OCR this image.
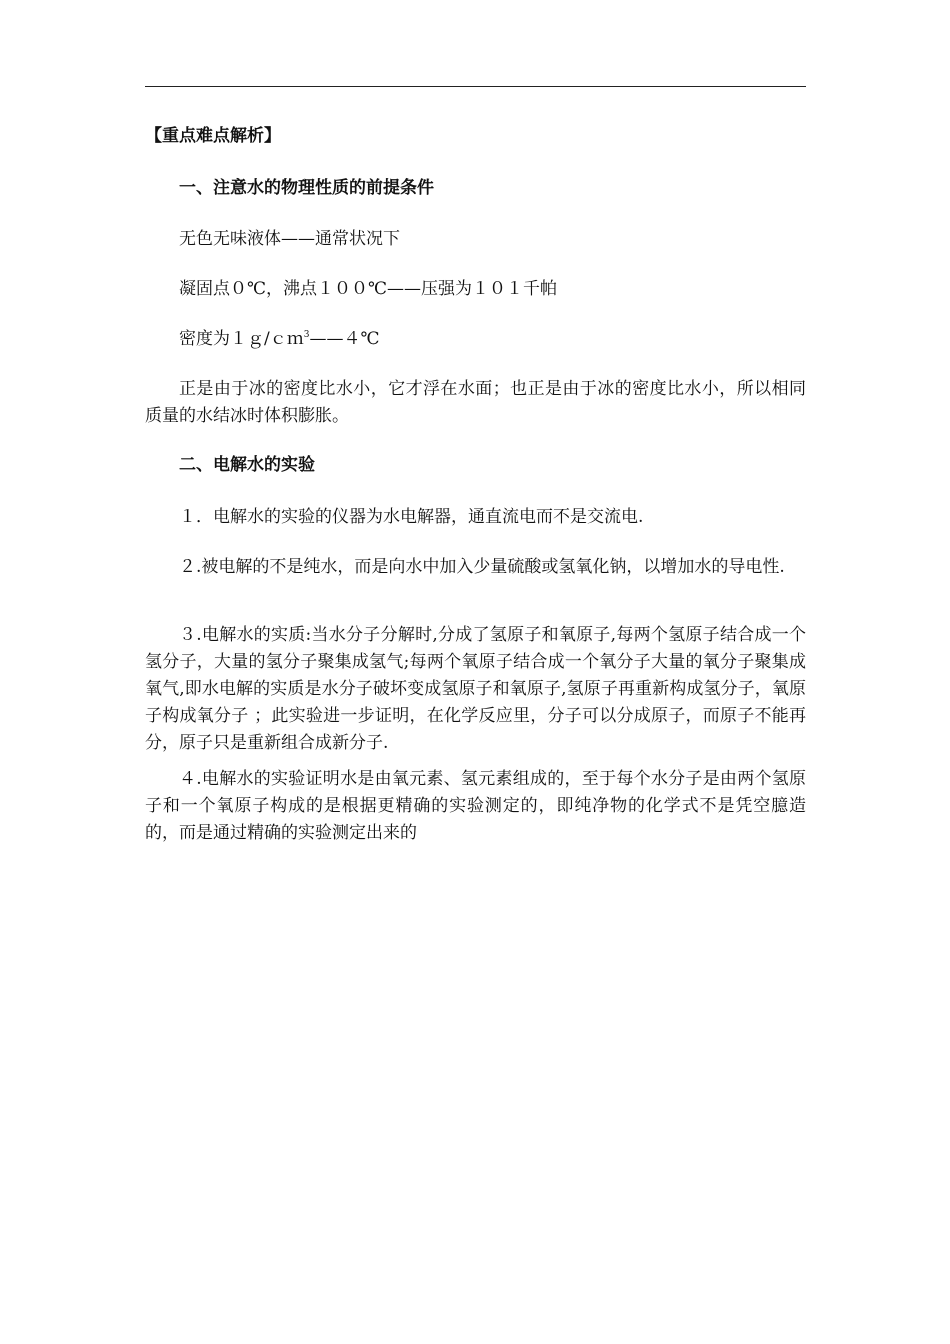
【重点难点解析】
一、注意水的物理性质的前提条件
无色无味液体——通常状况下
凝固点０℃，沸点１００℃——压强为１０１千帕
密度为１ｇ/ｃｍ$^3$——４℃
正是由于冰的密度比水小，它才浮在水面；也正是由于冰的密度比水小，所以相同质量的水结冰时体积膨胀。
二、电解水的实验
１．电解水的实验的仪器为水电解器，通直流电而不是交流电.
２.被电解的不是纯水，而是向水中加入少量硫酸或氢氧化钠，以增加水的导电性.
３.电解水的实质:当水分子分解时,分成了氢原子和氧原子,每两个氢原子结合成一个氢分子，大量的氢分子聚集成氢气;每两个氧原子结合成一个氧分子大量的氧分子聚集成氧气,即水电解的实质是水分子破坏变成氢原子和氧原子,氢原子再重新构成氢分子，氧原子构成氧分子 ；此实验进一步证明，在化学反应里，分子可以分成原子，而原子不能再分，原子只是重新组合成新分子.
４.电解水的实验证明水是由氧元素、氢元素组成的，至于每个水分子是由两个氢原子和一个氧原子构成的是根据更精确的实验测定的，即纯净物的化学式不是凭空臆造的，而是通过精确的实验测定出来的
